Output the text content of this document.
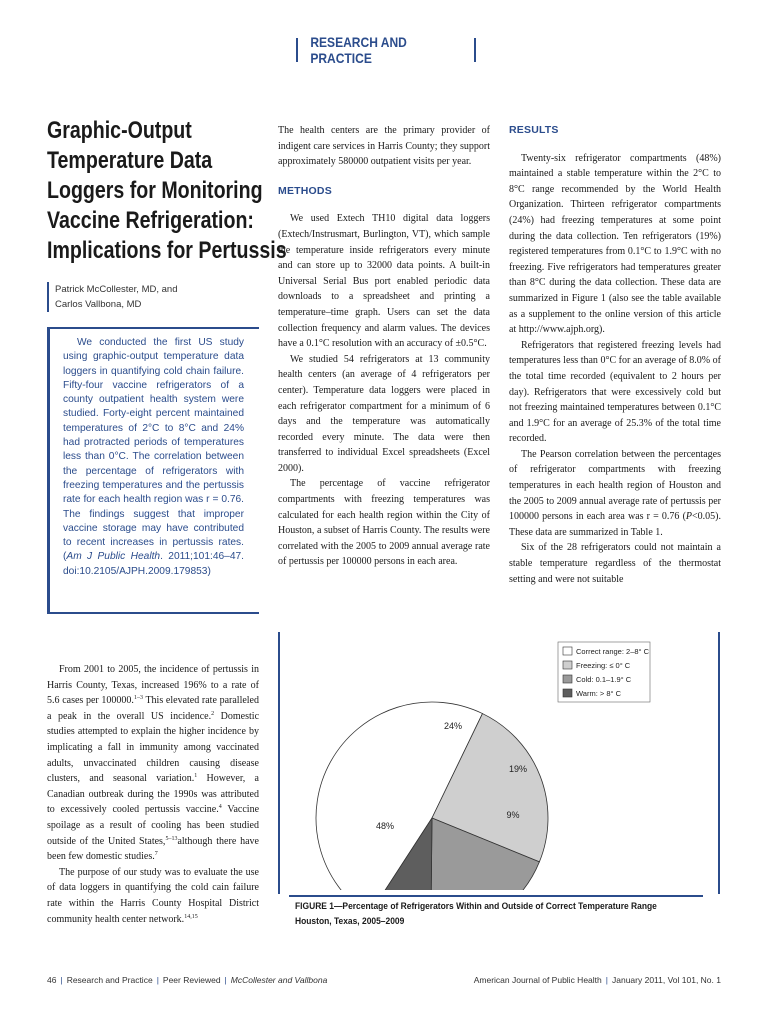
RESEARCH AND PRACTICE
Graphic-Output
Temperature Data
Loggers for Monitoring
Vaccine Refrigeration:
Implications for Pertussis
Patrick McCollester, MD, and
Carlos Vallbona, MD
We conducted the first US study using graphic-output temperature data loggers in quantifying cold chain failure. Fifty-four vaccine refrigerators of a county outpatient health system were studied. Forty-eight percent maintained temperatures of 2°C to 8°C and 24% had protracted periods of temperatures less than 0°C. The correlation between the percentage of refrigerators with freezing temperatures and the pertussis rate for each health region was r = 0.76. The findings suggest that improper vaccine storage may have contributed to recent increases in pertussis rates. (Am J Public Health. 2011;101:46–47. doi:10.2105/AJPH.2009.179853)

From 2001 to 2005, the incidence of pertussis in Harris County, Texas, increased 196% to a rate of 5.6 cases per 100000.$^{1-3}$ This elevated rate paralleled a peak in the overall US incidence.$^2$ Domestic studies attempted to explain the higher incidence by implicating a fall in immunity among vaccinated adults, unvaccinated children causing disease clusters, and seasonal variation.$^1$ However, a Canadian outbreak during the 1990s was attributed to excessively cooled pertussis vaccine.$^4$ Vaccine spoilage as a result of cooling has been studied outside of the United States,$^{5-13}$although there have been few domestic studies.$^7$

The purpose of our study was to evaluate the use of data loggers in quantifying the cold cain failure rate within the Harris County Hospital District community health center network.$^{14,15}$

The health centers are the primary provider of indigent care services in Harris County; they support approximately 580000 outpatient visits per year.

METHODS

We used Extech TH10 digital data loggers (Extech/Instrusmart, Burlington, VT), which sample the temperature inside refrigerators every minute and can store up to 32000 data points. A built-in Universal Serial Bus port enabled periodic data downloads to a spreadsheet and printing a temperature–time graph. Users can set the data collection frequency and alarm values. The devices have a 0.1°C resolution with an accuracy of ±0.5°C.

We studied 54 refrigerators at 13 community health centers (an average of 4 refrigerators per center). Temperature data loggers were placed in each refrigerator compartment for a minimum of 6 days and the temperature was automatically recorded every minute. The data were then transferred to individual Excel spreadsheets (Excel 2000).

The percentage of vaccine refrigerator compartments with freezing temperatures was calculated for each health region within the City of Houston, a subset of Harris County. The results were correlated with the 2005 to 2009 annual average rate of pertussis per 100000 persons in each area.

RESULTS

Twenty-six refrigerator compartments (48%) maintained a stable temperature within the 2°C to 8°C range recommended by the World Health Organization. Thirteen refrigerator compartments (24%) had freezing temperatures at some point during the data collection. Ten refrigerators (19%) registered temperatures from 0.1°C to 1.9°C with no freezing. Five refrigerators had temperatures greater than 8°C during the data collection. These data are summarized in Figure 1 (also see the table available as a supplement to the online version of this article at http://www.ajph.org).

Refrigerators that registered freezing levels had temperatures less than 0°C for an average of 8.0% of the total time recorded (equivalent to 2 hours per day). Refrigerators that were excessively cold but not freezing maintained temperatures between 0.1°C and 1.9°C for an average of 25.3% of the total time recorded.

The Pearson correlation between the percentages of refrigerator compartments with freezing temperatures in each health region of Houston and the 2005 to 2009 annual average rate of pertussis per 100000 persons in each area was r = 0.76 (P<0.05). These data are summarized in Table 1.

Six of the 28 refrigerators could not maintain a stable temperature regardless of the thermostat setting and were not suitable

48%
24%
19%
9%
Correct range: 2–8° C
Freezing: ≤ 0° C
Cold: 0.1–1.9° C
Warm: > 8° C
FIGURE 1—Percentage of Refrigerators Within and Outside of Correct Temperature Range
Houston, Texas, 2005–2009
46 | Research and Practice | Peer Reviewed | McCollester and Vallbona	American Journal of Public Health | January 2011, Vol 101, No. 1
